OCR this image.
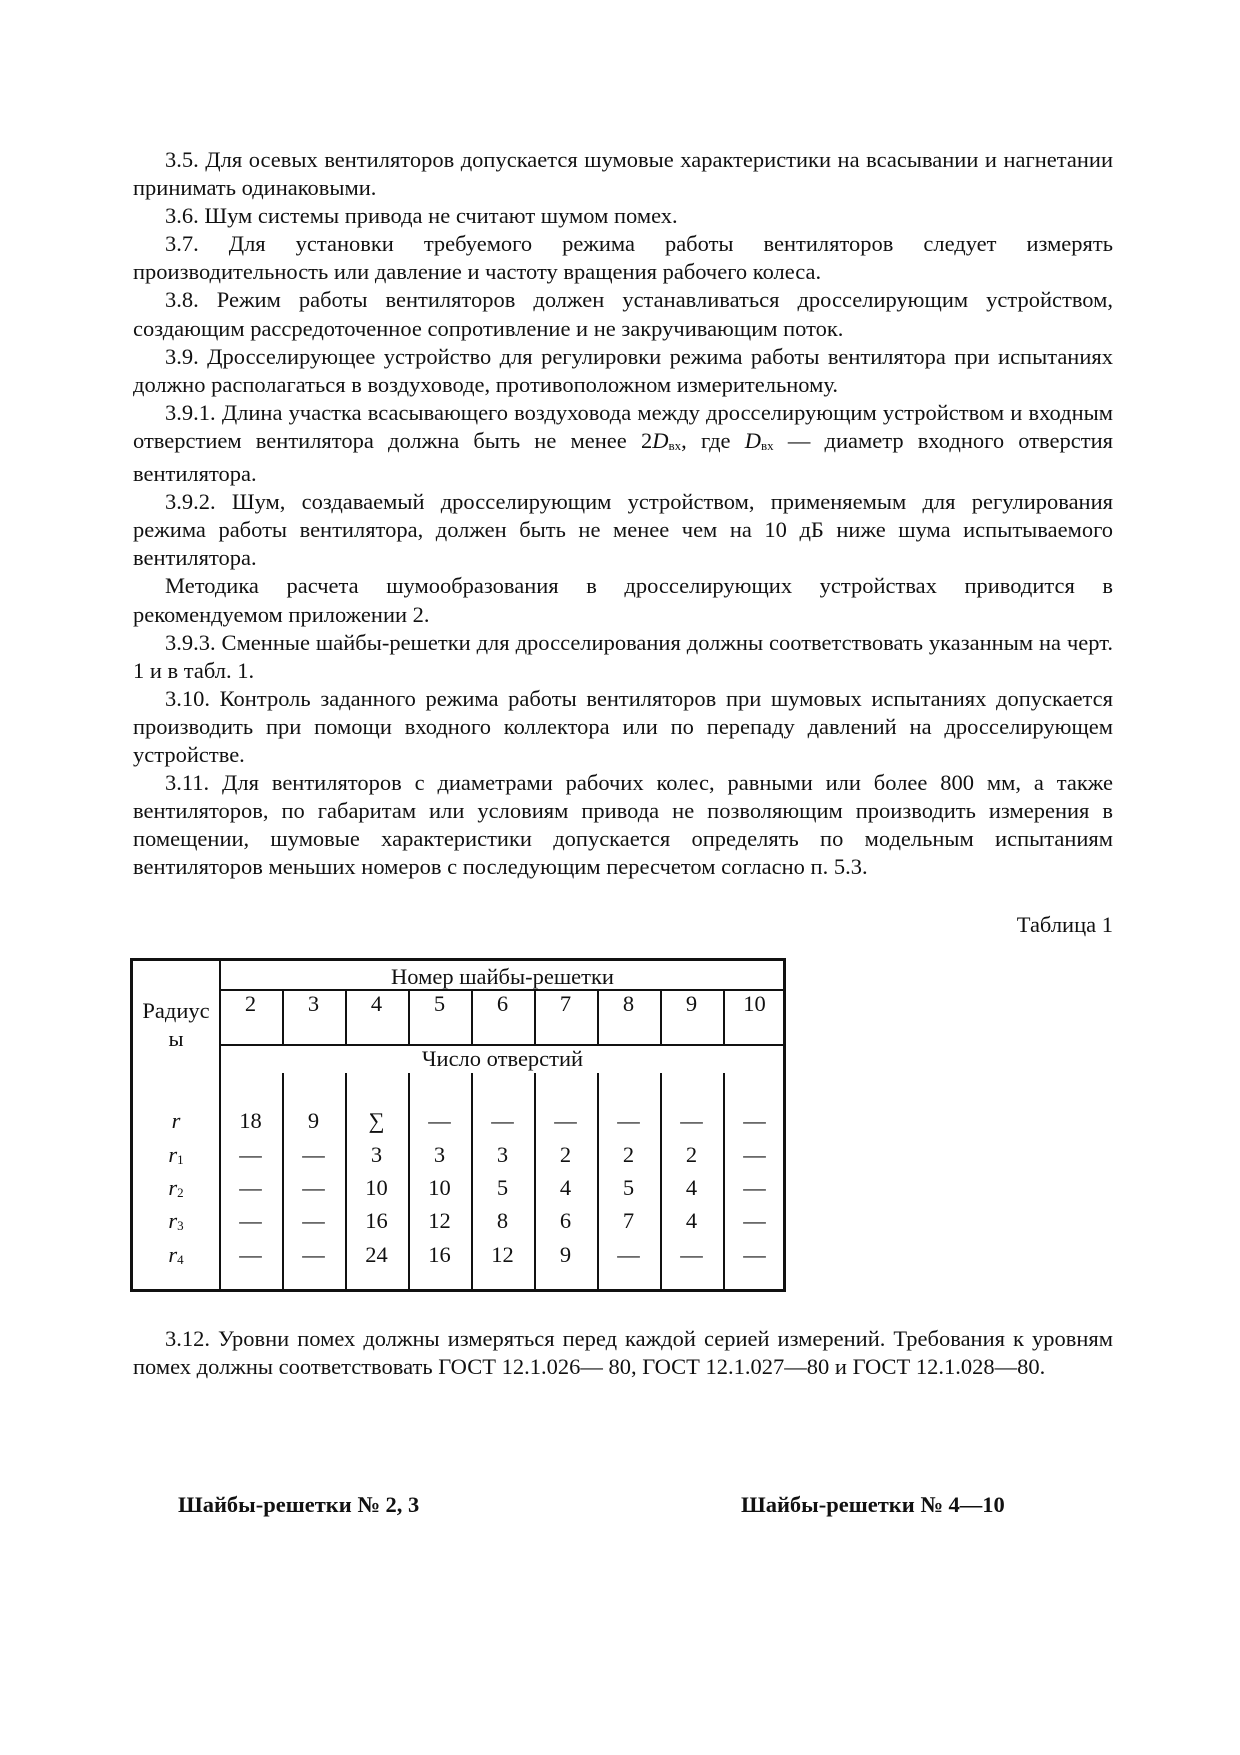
3.5. Для осевых вентиляторов допускается шумовые характеристики на всасывании и нагнетании принимать одинаковыми.

3.6. Шум системы привода не считают шумом помех.

3.7. Для установки требуемого режима работы вентиляторов следует измерять производительность или давление и частоту вращения рабочего колеса.

3.8. Режим работы вентиляторов должен устанавливаться дросселирующим устройством, создающим рассредоточенное сопротивление и не закручивающим поток.

3.9. Дросселирующее устройство для регулировки режима работы вентилятора при испытаниях должно располагаться в воздуховоде, противоположном измерительному.

3.9.1. Длина участка всасывающего воздуховода между дросселирующим устройством и входным отверстием вентилятора должна быть не менее $2D_{вх}$, где $D_{вх}$ — диаметр входного отверстия вентилятора.

3.9.2. Шум, создаваемый дросселирующим устройством, применяемым для регулирования режима работы вентилятора, должен быть не менее чем на 10 дБ ниже шума испытываемого вентилятора.

Методика расчета шумообразования в дросселирующих устройствах приводится в рекомендуемом приложении 2.

3.9.3. Сменные шайбы-решетки для дросселирования должны соответствовать указанным на черт. 1 и в табл. 1.

3.10. Контроль заданного режима работы вентиляторов при шумовых испытаниях допускается производить при помощи входного коллектора или по перепаду давлений на дросселирующем устройстве.

3.11. Для вентиляторов с диаметрами рабочих колес, равными или более 800 мм, а также вентиляторов, по габаритам или условиям привода не позволяющим производить измерения в помещении, шумовые характеристики допускается определять по модельным испытаниям вентиляторов меньших номеров с последующим пересчетом согласно п. 5.3.

Таблица 1

Радиус
ы
Номер шайбы-решетки
Число отверстий
2	3	4	5	6	7	8	9	10
r	18	9	∑	—	—	—	—	—	—
$r_1$	—	—	3	3	3	2	2	2	—
$r_2$	—	—	10	10	5	4	5	4	—
$r_3$	—	—	16	12	8	6	7	4	—
$r_4$	—	—	24	16	12	9	—	—	—

3.12. Уровни помех должны измеряться перед каждой серией измерений. Требования к уровням помех должны соответствовать ГОСТ 12.1.026— 80, ГОСТ 12.1.027—80 и ГОСТ 12.1.028—80.

Шайбы-решетки № 2, 3	Шайбы-решетки № 4—10
